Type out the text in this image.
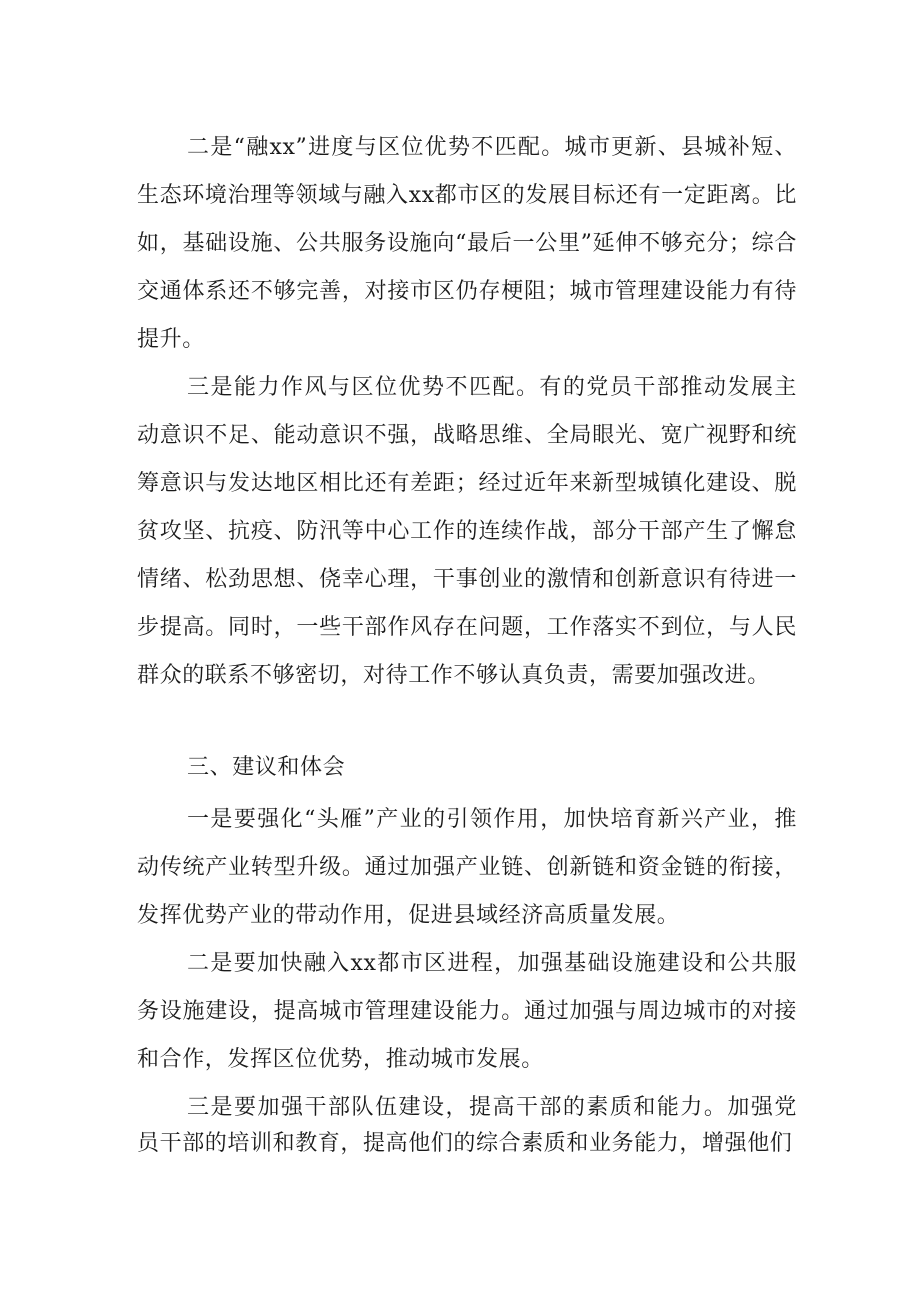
二是“融xx”进度与区位优势不匹配。城市更新、县城补短、生态环境治理等领域与融入xx都市区的发展目标还有一定距离。比如，基础设施、公共服务设施向“最后一公里”延伸不够充分；综合交通体系还不够完善，对接市区仍存梗阻；城市管理建设能力有待提升。

三是能力作风与区位优势不匹配。有的党员干部推动发展主动意识不足、能动意识不强，战略思维、全局眼光、宽广视野和统筹意识与发达地区相比还有差距；经过近年来新型城镇化建设、脱贫攻坚、抗疫、防汛等中心工作的连续作战，部分干部产生了懈怠情绪、松劲思想、侥幸心理，干事创业的激情和创新意识有待进一步提高。同时，一些干部作风存在问题，工作落实不到位，与人民群众的联系不够密切，对待工作不够认真负责，需要加强改进。

三、建议和体会

一是要强化“头雁”产业的引领作用，加快培育新兴产业，推动传统产业转型升级。通过加强产业链、创新链和资金链的衔接，发挥优势产业的带动作用，促进县域经济高质量发展。

二是要加快融入xx都市区进程，加强基础设施建设和公共服务设施建设，提高城市管理建设能力。通过加强与周边城市的对接和合作，发挥区位优势，推动城市发展。

三是要加强干部队伍建设，提高干部的素质和能力。加强党员干部的培训和教育，提高他们的综合素质和业务能力，增强他们
